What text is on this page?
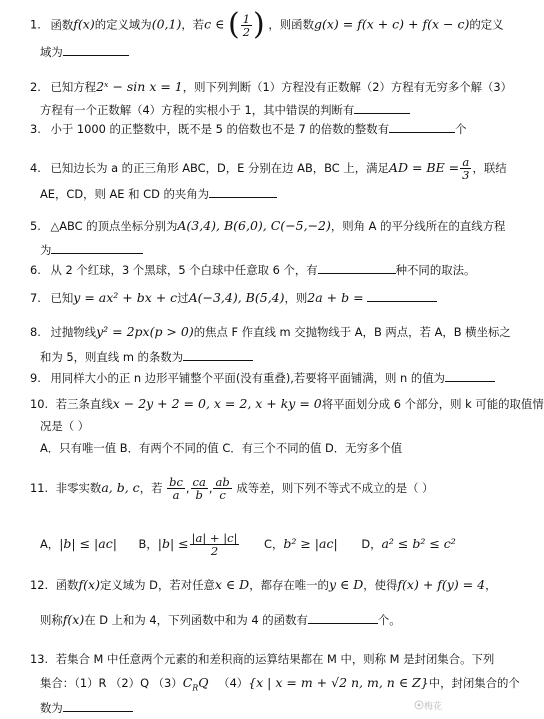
1. 函数f(x)的定义域为(0,1)，若c ∈ ( $\frac{1}{2}$ ) ，则函数g(x) = f(x + c) + f(x − c)的定义
域为
2. 已知方程2ˣ − sin x = 1，则下列判断（1）方程没有正数解（2）方程有无穷多个解（3）
方程有一个正数解（4）方程的实根小于 1，其中错误的判断有
3. 小于 1000 的正整数中，既不是 5 的倍数也不是 7 的倍数的整数有	个
4. 已知边长为 a 的正三角形 ABC，D，E 分别在边 AB，BC 上，满足AD = BE = $\frac{a}{3}$ ，联结
AE，CD，则 AE 和 CD 的夹角为
5. △ABC 的顶点坐标分别为A(3,4), B(6,0), C(−5,−2)，则角 A 的平分线所在的直线方程
为
6. 从 2 个红球，3 个黑球，5 个白球中任意取 6 个，有	种不同的取法。
7. 已知y = ax² + bx + c过A(−3,4), B(5,4)，则2a + b =
8. 过抛物线y² = 2px(p > 0)的焦点 F 作直线 m 交抛物线于 A，B 两点，若 A，B 横坐标之
和为 5，则直线 m 的条数为
9. 用同样大小的正 n 边形平铺整个平面(没有重叠),若要将平面铺满，则 n 的值为
10. 若三条直线x − 2y + 2 = 0, x = 2, x + ky = 0将平面划分成 6 个部分，则 k 可能的取值情
况是（ ）
A．只有唯一值 B．有两个不同的值 C．有三个不同的值 D．无穷多个值
11. 非零实数a, b, c，若 $\frac{bc}{a}$ , $\frac{ca}{b}$ , $\frac{ab}{c}$ 成等差，则下列不等式不成立的是（ ）
A，|b| ≤ |ac| B，$|b| \le \frac{|a| + |c|}{2}$ C，b² ≥ |ac| D，a² ≤ b² ≤ c²
12. 函数f(x)定义域为 D，若对任意x ∈ D，都存在唯一的y ∈ D，使得f(x) + f(y) = 4，
则称f(x)在 D 上和为 4，下列函数中和为 4 的函数有	个。
13. 若集合 M 中任意两个元素的和差积商的运算结果都在 M 中，则称 M 是封闭集合。下列
集合：（1）R （2）Q $(3)C_RQ$ （4）{x | x = m + √2 n, m, n ∈ Z}中，封闭集合的个
数为	梅花
